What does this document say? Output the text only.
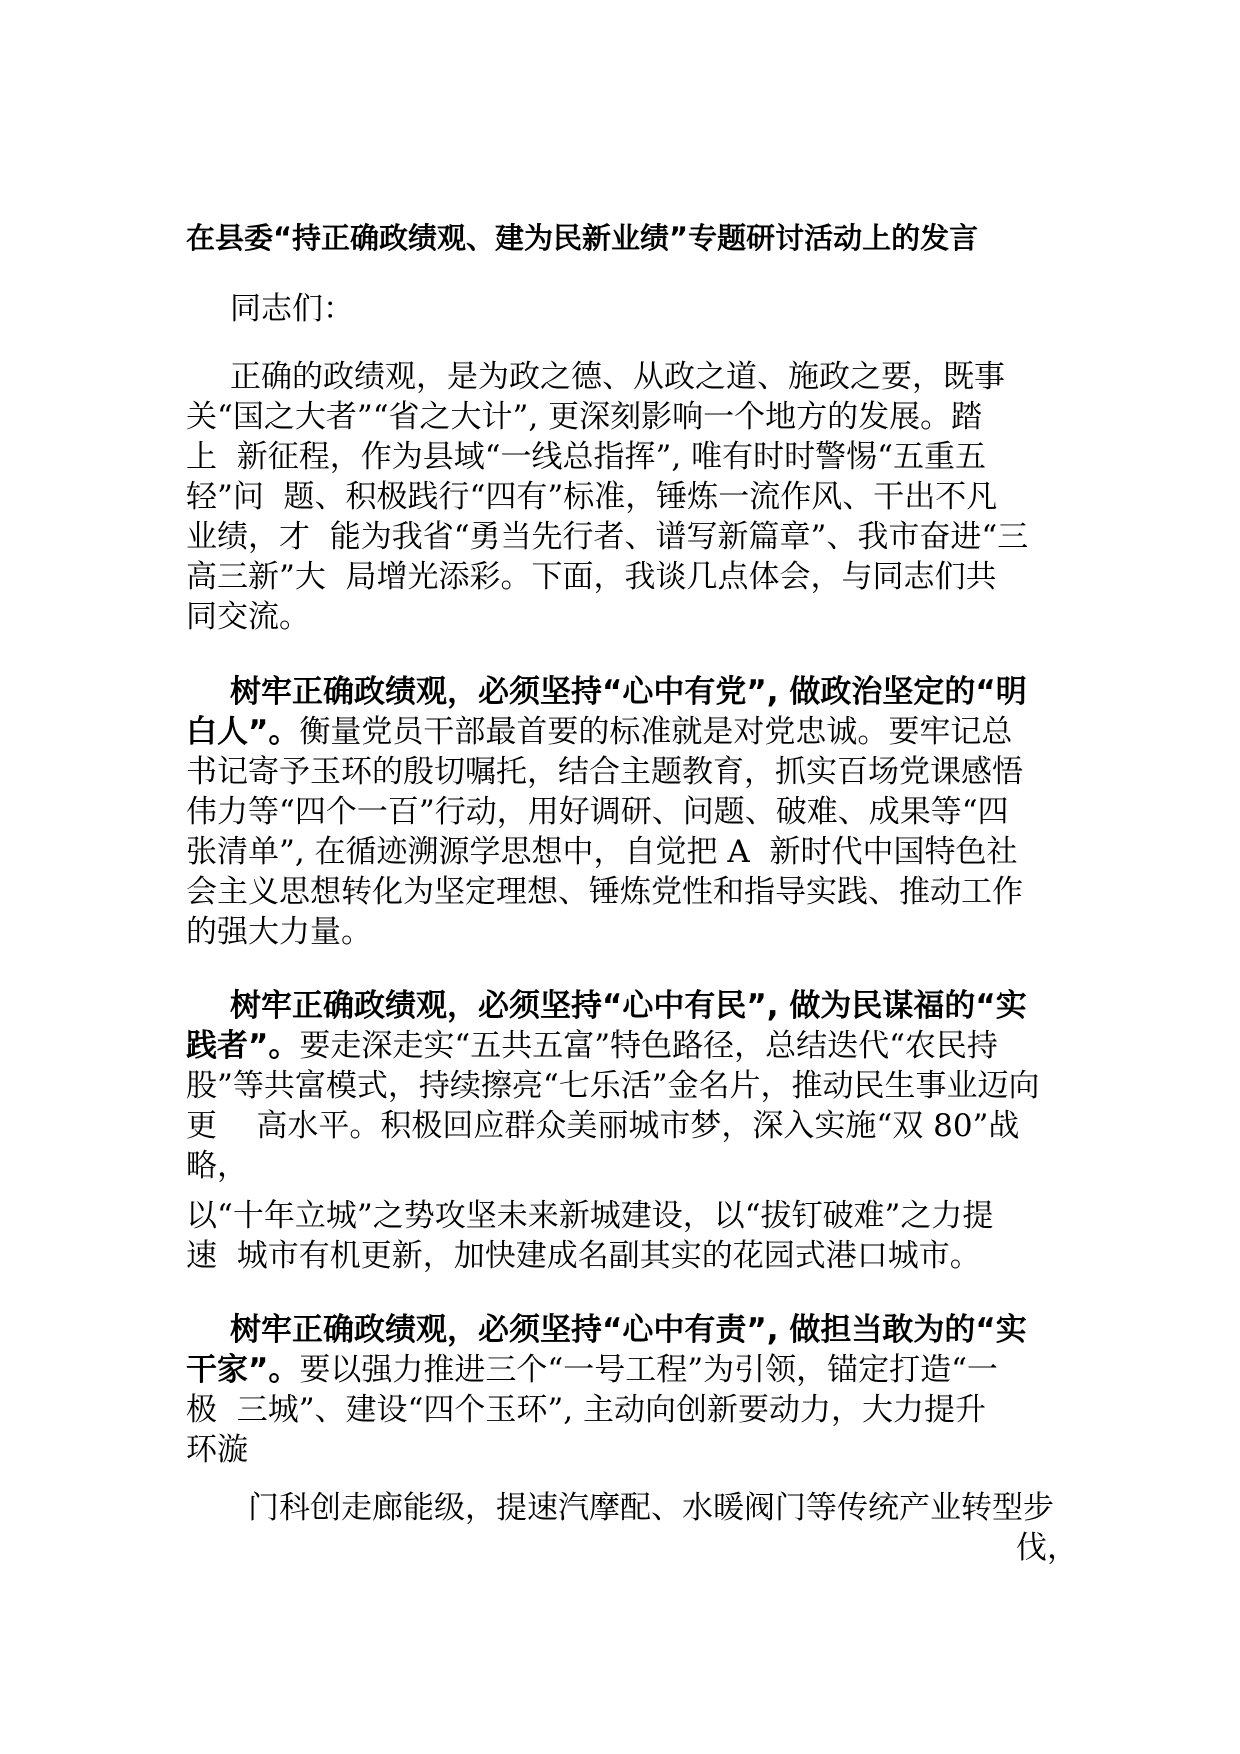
在县委“持正确政绩观、建为民新业绩”专题研讨活动上的发言
同志们：
正确的政绩观，是为政之德、从政之道、施政之要，既事
关“国之大者”“省之大计”, 更深刻影响一个地方的发展。踏
上  新征程，作为县域“一线总指挥”, 唯有时时警惕“五重五
轻”问  题、积极践行“四有”标准，锤炼一流作风、干出不凡
业绩，才  能为我省“勇当先行者、谱写新篇章”、我市奋进“三
高三新”大  局增光添彩。下面，我谈几点体会，与同志们共
同交流。
树牢正确政绩观，必须坚持“心中有党”, 做政治坚定的“明
白人”。衡量党员干部最首要的标准就是对党忠诚。要牢记总
书记寄予玉环的殷切嘱托，结合主题教育，抓实百场党课感悟
伟力等“四个一百”行动，用好调研、问题、破难、成果等“四
张清单”, 在循迹溯源学思想中，自觉把 A  新时代中国特色社
会主义思想转化为坚定理想、锤炼党性和指导实践、推动工作
的强大力量。
树牢正确政绩观，必须坚持“心中有民”, 做为民谋福的“实
践者”。要走深走实“五共五富”特色路径，总结迭代“农民持
股”等共富模式，持续擦亮“七乐活”金名片，推动民生事业迈向
更    高水平。积极回应群众美丽城市梦，深入实施“双 80”战
略，
以“十年立城”之势攻坚未来新城建设，以“拔钉破难”之力提
速  城市有机更新，加快建成名副其实的花园式港口城市。
树牢正确政绩观，必须坚持“心中有责”, 做担当敢为的“实
干家”。要以强力推进三个“一号工程”为引领，锚定打造“一
极  三城”、建设“四个玉环”, 主动向创新要动力，大力提升
环漩
门科创走廊能级，提速汽摩配、水暖阀门等传统产业转型步
伐，
